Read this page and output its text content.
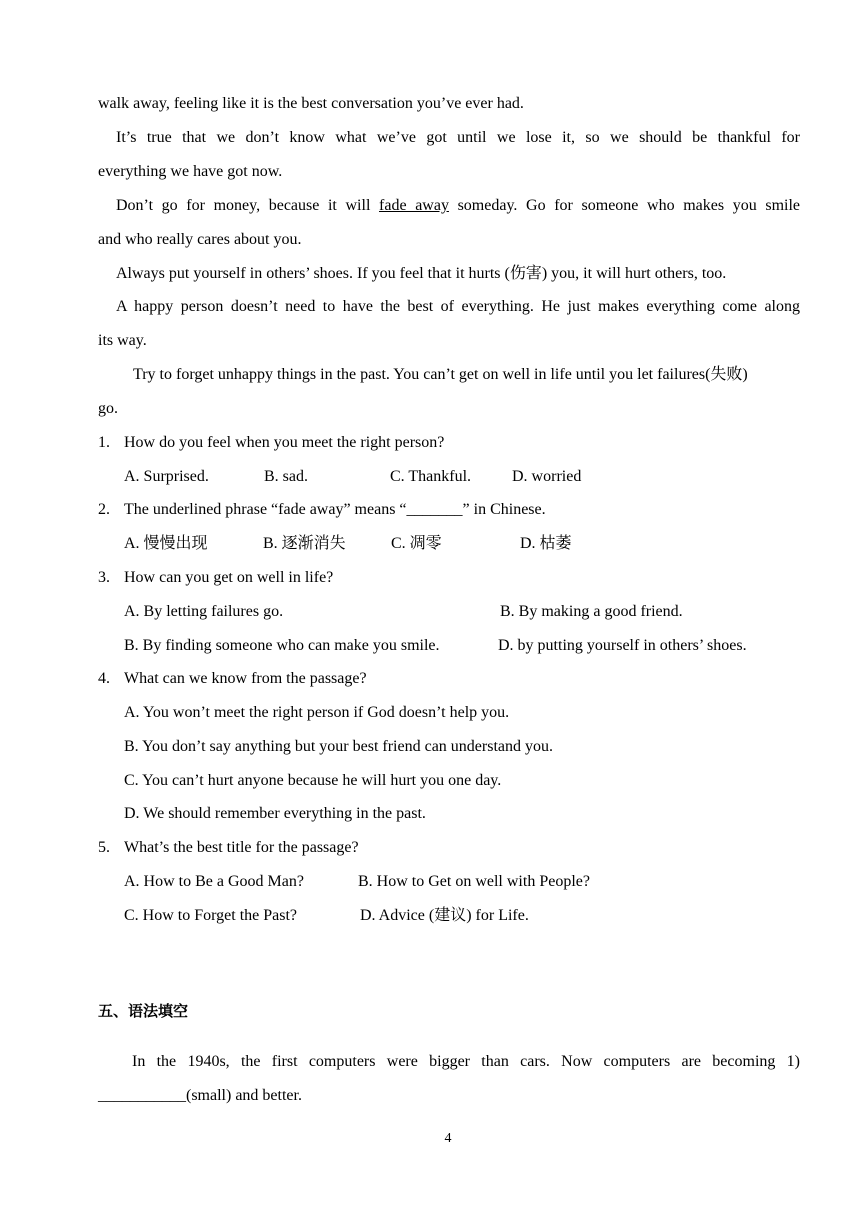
walk away, feeling like it is the best conversation you’ve ever had.
It’s true that we don’t know what we’ve got until we lose it, so we should be thankful for
everything we have got now.
Don’t go for money, because it will fade away someday. Go for someone who makes you smile
and who really cares about you.
Always put yourself in others’ shoes. If you feel that it hurts (伤害) you, it will hurt others, too.
A happy person doesn’t need to have the best of everything. He just makes everything come along
its way.
Try to forget unhappy things in the past. You can’t get on well in life until you let failures(失败)
go.
1. How do you feel when you meet the right person?
A. Surprised.	B. sad.	C. Thankful.	D. worried
2. The underlined phrase “fade away” means “_______” in Chinese.
A. 慢慢出现	B. 逐渐消失	C. 凋零	D. 枯萎
3. How can you get on well in life?
A. By letting failures go.	B. By making a good friend.
B. By finding someone who can make you smile.	D. by putting yourself in others’ shoes.
4. What can we know from the passage?
A. You won’t meet the right person if God doesn’t help you.
B. You don’t say anything but your best friend can understand you.
C. You can’t hurt anyone because he will hurt you one day.
D. We should remember everything in the past.
5. What’s the best title for the passage?
A. How to Be a Good Man?	B. How to Get on well with People?
C. How to Forget the Past?	D. Advice (建议) for Life.
五、语法填空
In the 1940s, the first computers were bigger than cars. Now computers are becoming 1)
___________(small) and better.
4
